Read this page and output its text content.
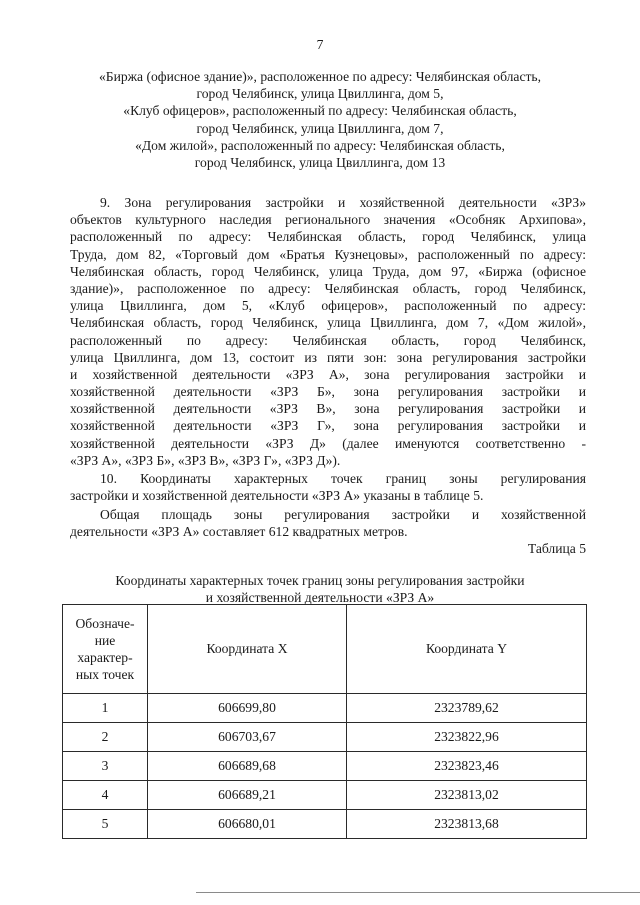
7
«Биржа (офисное здание)», расположенное по адресу: Челябинская область,
город Челябинск, улица Цвиллинга, дом 5,
«Клуб офицеров», расположенный по адресу: Челябинская область,
город Челябинск, улица Цвиллинга, дом 7,
«Дом жилой», расположенный по адресу: Челябинская область,
город Челябинск, улица Цвиллинга, дом 13
9. Зона регулирования застройки и хозяйственной деятельности «ЗРЗ»
объектов культурного наследия регионального значения «Особняк Архипова»,
расположенный по адресу: Челябинская область, город Челябинск, улица
Труда, дом 82, «Торговый дом «Братья Кузнецовы», расположенный по адресу:
Челябинская область, город Челябинск, улица Труда, дом 97, «Биржа (офисное
здание)», расположенное по адресу: Челябинская область, город Челябинск,
улица Цвиллинга, дом 5, «Клуб офицеров», расположенный по адресу:
Челябинская область, город Челябинск, улица Цвиллинга, дом 7, «Дом жилой»,
расположенный по адресу: Челябинская область, город Челябинск,
улица Цвиллинга, дом 13, состоит из пяти зон: зона регулирования застройки
и хозяйственной деятельности «ЗРЗ А», зона регулирования застройки и
хозяйственной деятельности «ЗРЗ Б», зона регулирования застройки и
хозяйственной деятельности «ЗРЗ В», зона регулирования застройки и
хозяйственной деятельности «ЗРЗ Г», зона регулирования застройки и
хозяйственной деятельности «ЗРЗ Д» (далее именуются соответственно -
«ЗРЗ А», «ЗРЗ Б», «ЗРЗ В», «ЗРЗ Г», «ЗРЗ Д»).
10. Координаты характерных точек границ зоны регулирования
застройки и хозяйственной деятельности «ЗРЗ А» указаны в таблице 5.
Общая площадь зоны регулирования застройки и хозяйственной
деятельности «ЗРЗ А» составляет 612 квадратных метров.
Таблица 5
Координаты характерных точек границ зоны регулирования застройки
и хозяйственной деятельности «ЗРЗ А»
Обозначе-
ние
характер-
ных точек	Координата X	Координата Y
1	606699,80	2323789,62
2	606703,67	2323822,96
3	606689,68	2323823,46
4	606689,21	2323813,02
5	606680,01	2323813,68
